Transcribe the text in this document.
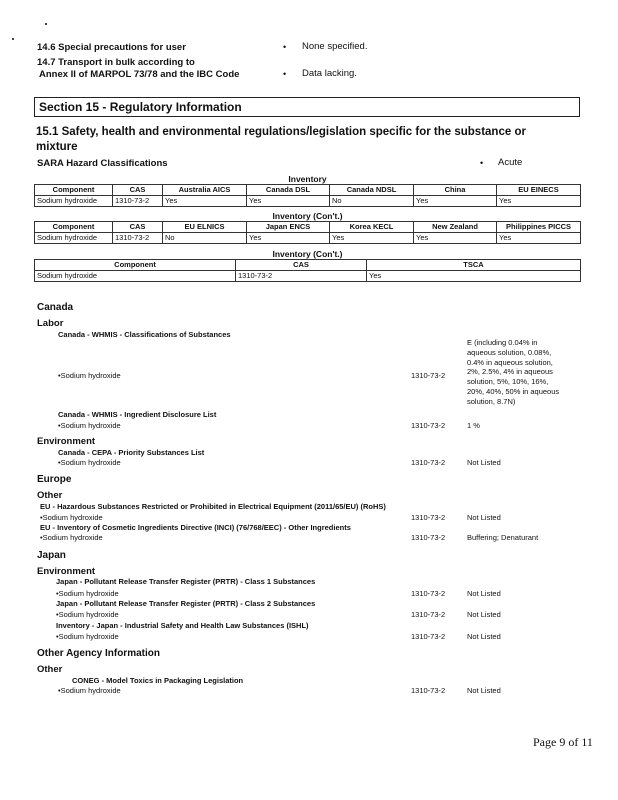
14.6 Special precautions for user	• None specified.
14.7 Transport in bulk according to
Annex II of MARPOL 73/78 and the IBC Code	• Data lacking.
Section 15 - Regulatory Information
15.1 Safety, health and environmental regulations/legislation specific for the substance or
mixture
SARA Hazard Classifications	• Acute
Inventory						
Component	CAS	Australia AICS	Canada DSL	Canada NDSL	China	EU EINECS
Sodium hydroxide	1310-73-2	Yes	Yes	No	Yes	Yes
Inventory (Con't.)						
Component	CAS	EU ELNICS	Japan ENCS	Korea KECL	New Zealand	Philippines PICCS
Sodium hydroxide	1310-73-2	No	Yes	Yes	Yes	Yes
Inventory (Con't.)		
Component	CAS	TSCA
Sodium hydroxide	1310-73-2	Yes
Canada
Labor
Canada - WHMIS - Classifications of Substances
•Sodium hydroxide	1310-73-2
E (including 0.04% in
aqueous solution, 0.08%,
0.4% in aqueous solution,
2%, 2.5%, 4% in aqueous
solution, 5%, 10%, 16%,
20%, 40%, 50% in aqueous
solution, 8.7N)
Canada - WHMIS - Ingredient Disclosure List
•Sodium hydroxide	1310-73-2	1 %
Environment
Canada - CEPA - Priority Substances List
•Sodium hydroxide	1310-73-2	Not Listed
Europe
Other
EU - Hazardous Substances Restricted or Prohibited in Electrical Equipment (2011/65/EU) (RoHS)
•Sodium hydroxide	1310-73-2	Not Listed
EU - Inventory of Cosmetic Ingredients Directive (INCI) (76/768/EEC) - Other Ingredients
•Sodium hydroxide	1310-73-2	Buffering; Denaturant
Japan
Environment
Japan - Pollutant Release Transfer Register (PRTR) - Class 1 Substances
•Sodium hydroxide	1310-73-2	Not Listed
Japan - Pollutant Release Transfer Register (PRTR) - Class 2 Substances
•Sodium hydroxide	1310-73-2	Not Listed
Inventory - Japan - Industrial Safety and Health Law Substances (ISHL)
•Sodium hydroxide	1310-73-2	Not Listed
Other Agency Information
Other
CONEG - Model Toxics in Packaging Legislation
•Sodium hydroxide	1310-73-2	Not Listed
Page 9 of 11
